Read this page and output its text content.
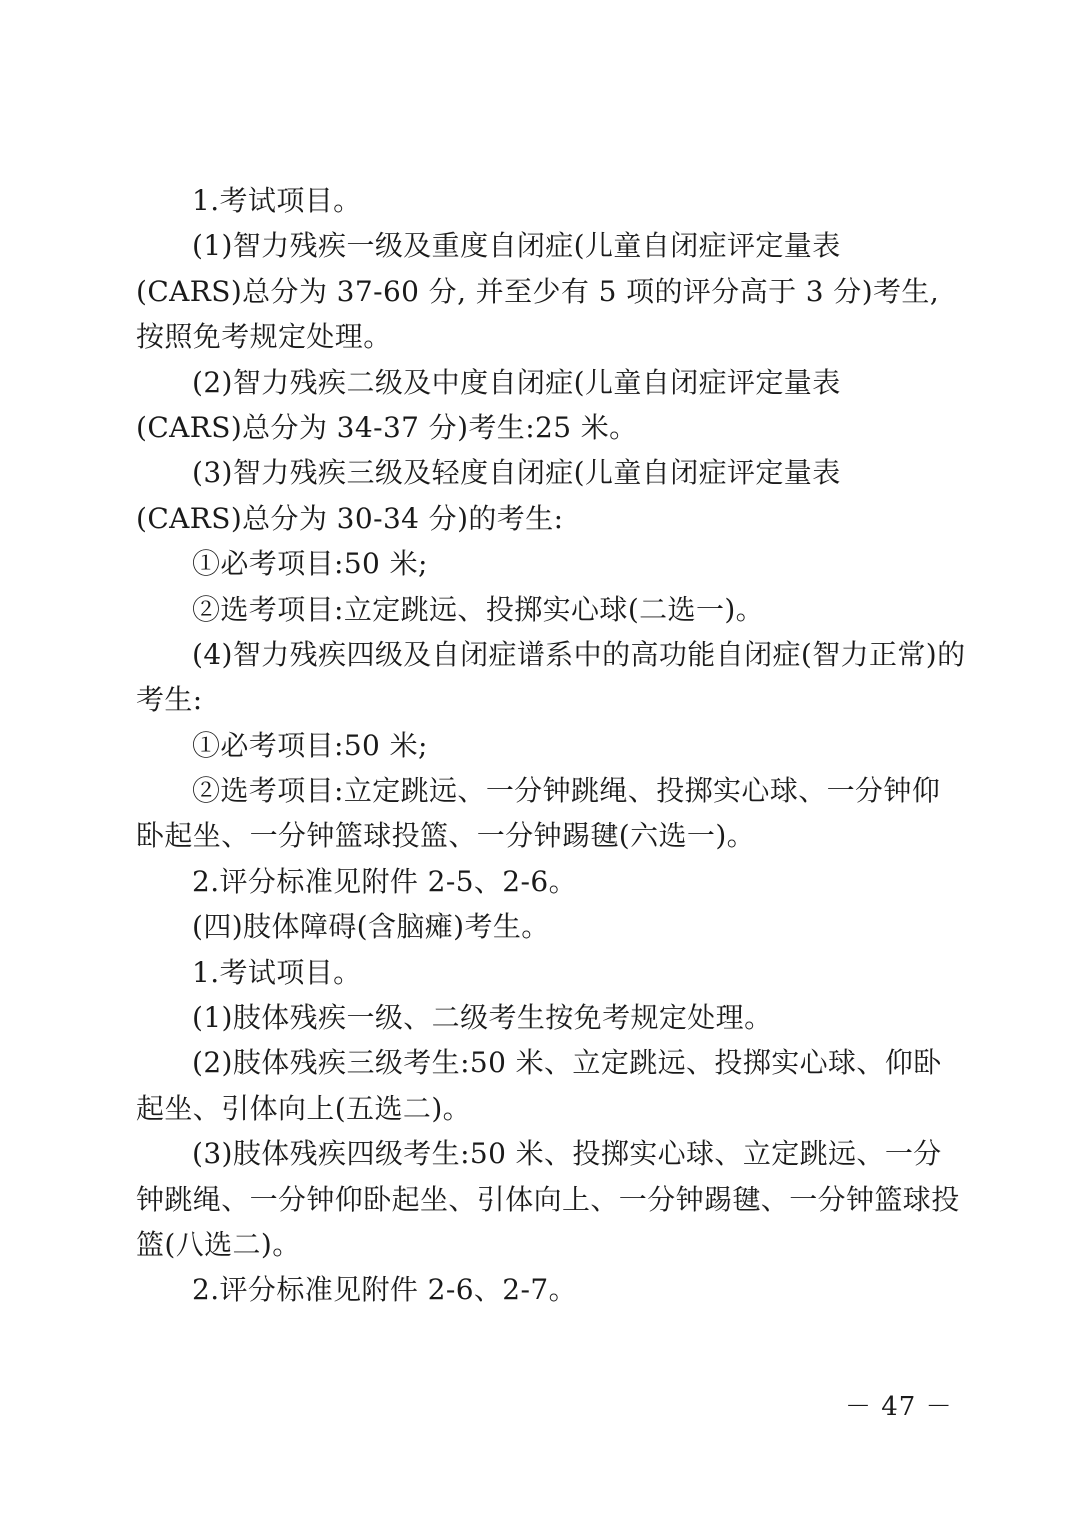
1.考试项目。
(1)智力残疾一级及重度自闭症(儿童自闭症评定量表
(CARS)总分为 37-60 分, 并至少有 5 项的评分高于 3 分)考生,
按照免考规定处理。
(2)智力残疾二级及中度自闭症(儿童自闭症评定量表
(CARS)总分为 34-37 分)考生:25 米。
(3)智力残疾三级及轻度自闭症(儿童自闭症评定量表
(CARS)总分为 30-34 分)的考生:
①必考项目:50 米;
②选考项目:立定跳远、投掷实心球(二选一)。
(4)智力残疾四级及自闭症谱系中的高功能自闭症(智力正常)的
考生:
①必考项目:50 米;
②选考项目:立定跳远、一分钟跳绳、投掷实心球、一分钟仰
卧起坐、一分钟篮球投篮、一分钟踢毽(六选一)。
2.评分标准见附件 2-5、2-6。
(四)肢体障碍(含脑瘫)考生。
1.考试项目。
(1)肢体残疾一级、二级考生按免考规定处理。
(2)肢体残疾三级考生:50 米、立定跳远、投掷实心球、仰卧
起坐、引体向上(五选二)。
(3)肢体残疾四级考生:50 米、投掷实心球、立定跳远、一分
钟跳绳、一分钟仰卧起坐、引体向上、一分钟踢毽、一分钟篮球投
篮(八选二)。
2.评分标准见附件 2-6、2-7。
－ 47 －
